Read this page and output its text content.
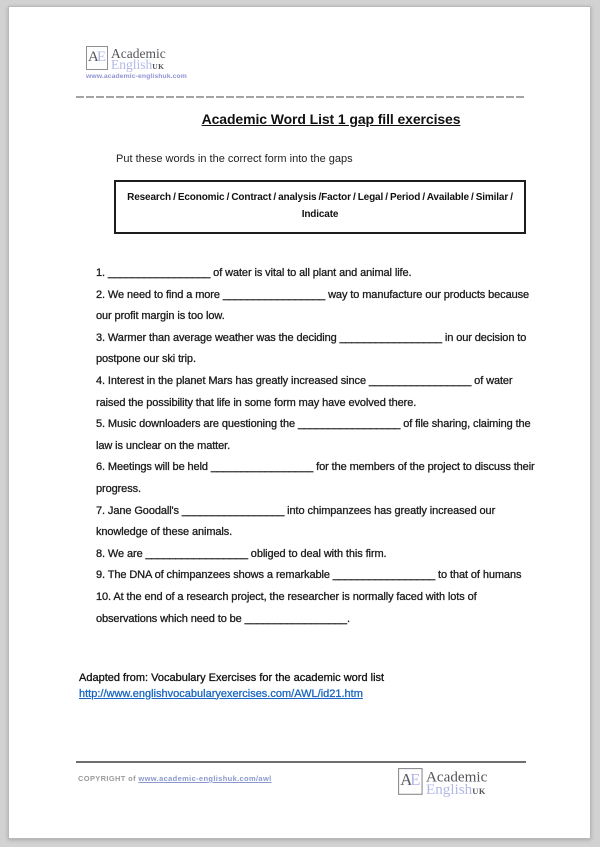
AE Academic
EnglishUK
www.academic-englishuk.com
Academic Word List 1 gap fill exercises

Put these words in the correct form into the gaps

Research / Economic / Contract / analysis /Factor / Legal / Period / Available / Similar / Indicate

1. _________________ of water is vital to all plant and animal life.

2. We need to find a more _________________ way to manufacture our products because our profit margin is too low.

3. Warmer than average weather was the deciding _________________ in our decision to postpone our ski trip.

4. Interest in the planet Mars has greatly increased since _________________ of water raised the possibility that life in some form may have evolved there.

5. Music downloaders are questioning the _________________ of file sharing, claiming the law is unclear on the matter.

6. Meetings will be held _________________ for the members of the project to discuss their progress.

7. Jane Goodall's _________________ into chimpanzees has greatly increased our knowledge of these animals.

8. We are _________________ obliged to deal with this firm.

9. The DNA of chimpanzees shows a remarkable _________________ to that of humans

10. At the end of a research project, the researcher is normally faced with lots of observations which need to be _________________.

Adapted from: Vocabulary Exercises for the academic word list
http://www.englishvocabularyexercises.com/AWL/id21.htm
COPYRIGHT of www.academic-englishuk.com/awl	AE Academic
EnglishUK
